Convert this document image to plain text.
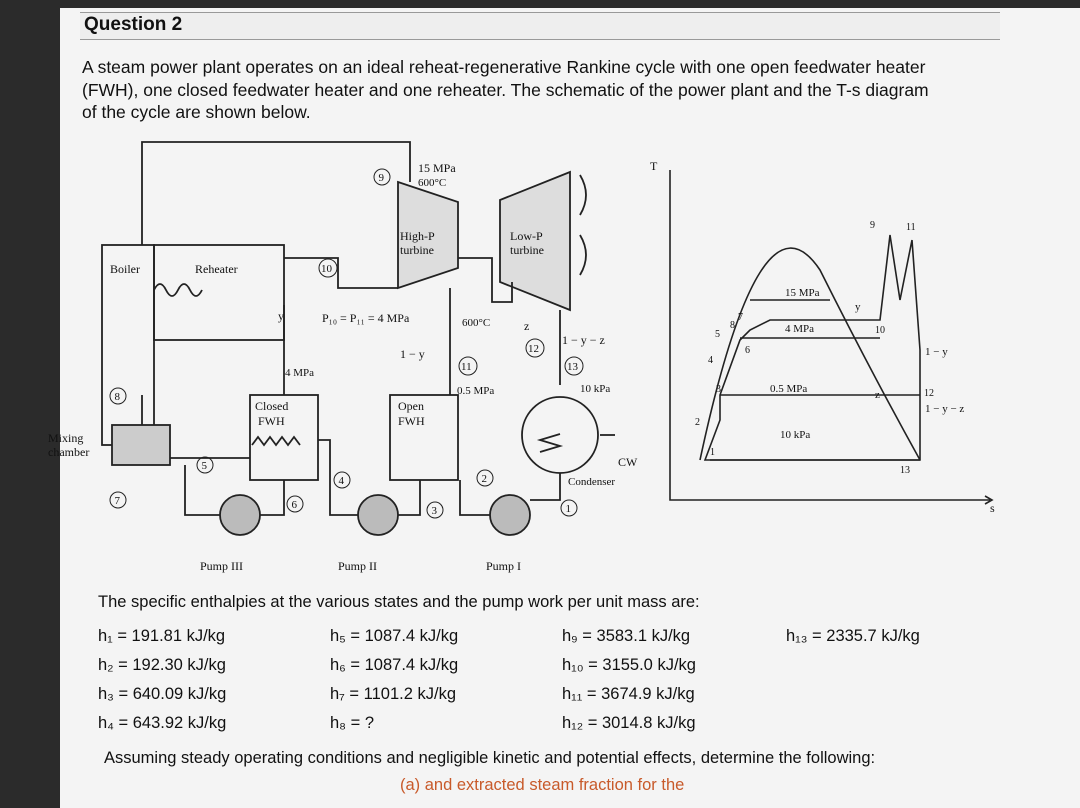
Question 2
A steam power plant operates on an ideal reheat-regenerative Rankine cycle with one open feedwater heater
(FWH), one closed feedwater heater and one reheater. The schematic of the power plant and the T-s diagram
of the cycle are shown below.
Boiler	Reheater
High-P
turbine
Low-P
turbine
Closed
FWH
Open
FWH
Mixing
chamber
Condenser
CW
Pump III	Pump II	Pump I
15 MPa
600°C
P₁₀ = P₁₁ = 4 MPa	600°C
4 MPa
0.5 MPa	10 kPa
y
1 − y
z
1 − y − z
1
2
3
4
5
6
7
8
9
10
11
12
13
T
s
15 MPa
4 MPa
0.5 MPa
10 kPa
1 − y
1 − y − z
z
y
1
2
3
4
5
6
7
8
9
10
11
12
13
The specific enthalpies at the various states and the pump work per unit mass are:
h₁ = 191.81 kJ/kg
h₂ = 192.30 kJ/kg
h₃ = 640.09 kJ/kg
h₄ = 643.92 kJ/kg
h₅ = 1087.4 kJ/kg
h₆ = 1087.4 kJ/kg
h₇ = 1101.2 kJ/kg
h₈ = ?
h₉ = 3583.1 kJ/kg
h₁₀ = 3155.0 kJ/kg
h₁₁ = 3674.9 kJ/kg
h₁₂ = 3014.8 kJ/kg
h₁₃ = 2335.7 kJ/kg
Assuming steady operating conditions and negligible kinetic and potential effects, determine the following:
(a) and extracted steam fraction for the
